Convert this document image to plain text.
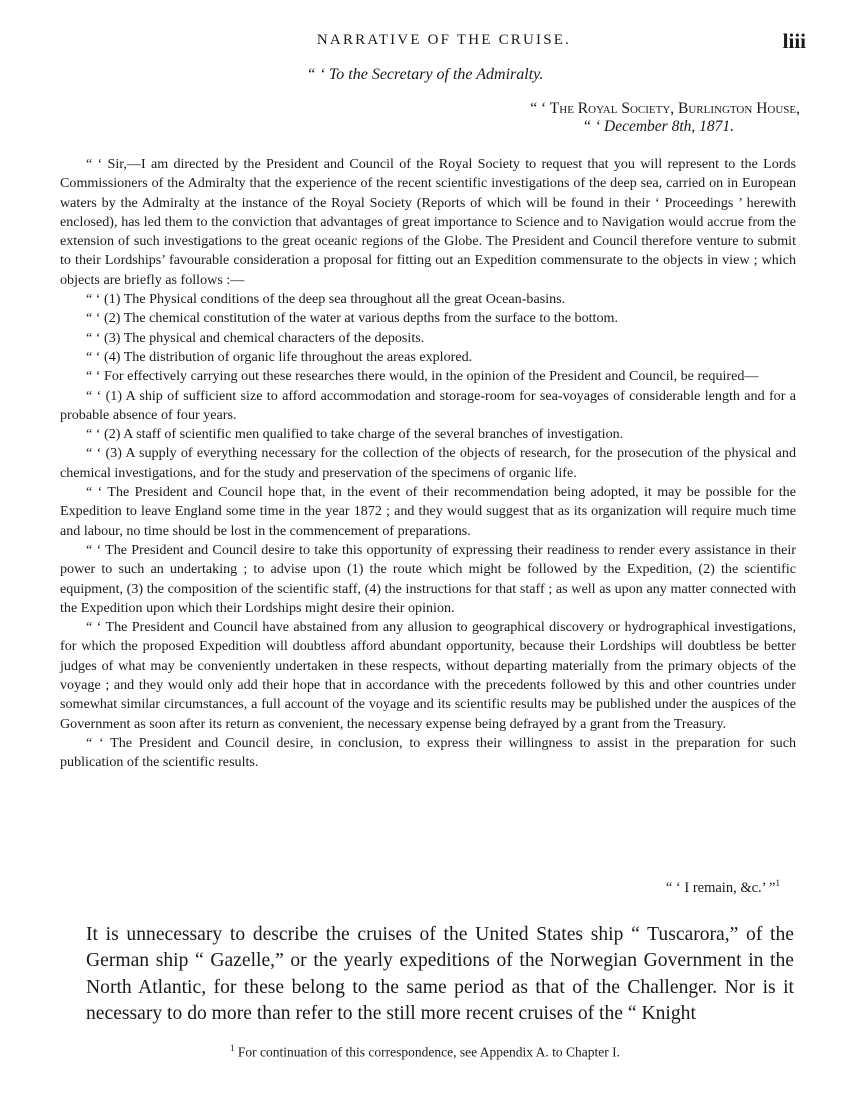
NARRATIVE OF THE CRUISE.	liii
“ ‘ To the Secretary of the Admiralty.
“ ‘ The Royal Society, Burlington House,
“ ‘ December 8th, 1871.

“ ‘ Sir,—I am directed by the President and Council of the Royal Society to request that you will represent to the Lords Commissioners of the Admiralty that the experience of the recent scientific investigations of the deep sea, carried on in European waters by the Admiralty at the instance of the Royal Society (Reports of which will be found in their ‘ Proceedings ’ herewith enclosed), has led them to the conviction that advantages of great importance to Science and to Navigation would accrue from the extension of such investigations to the great oceanic regions of the Globe. The President and Council therefore venture to submit to their Lordships’ favourable consideration a proposal for fitting out an Expedition commensurate to the objects in view ; which objects are briefly as follows :—

“ ‘ (1) The Physical conditions of the deep sea throughout all the great Ocean-basins.

“ ‘ (2) The chemical constitution of the water at various depths from the surface to the bottom.

“ ‘ (3) The physical and chemical characters of the deposits.

“ ‘ (4) The distribution of organic life throughout the areas explored.

“ ‘ For effectively carrying out these researches there would, in the opinion of the President and Council, be required—

“ ‘ (1) A ship of sufficient size to afford accommodation and storage-room for sea-voyages of considerable length and for a probable absence of four years.

“ ‘ (2) A staff of scientific men qualified to take charge of the several branches of investigation.

“ ‘ (3) A supply of everything necessary for the collection of the objects of research, for the prosecution of the physical and chemical investigations, and for the study and preservation of the specimens of organic life.

“ ‘ The President and Council hope that, in the event of their recommendation being adopted, it may be possible for the Expedition to leave England some time in the year 1872 ; and they would suggest that as its organization will require much time and labour, no time should be lost in the commencement of preparations.

“ ‘ The President and Council desire to take this opportunity of expressing their readiness to render every assistance in their power to such an undertaking ; to advise upon (1) the route which might be followed by the Expedition, (2) the scientific equipment, (3) the composition of the scientific staff, (4) the instructions for that staff ; as well as upon any matter connected with the Expedition upon which their Lordships might desire their opinion.

“ ‘ The President and Council have abstained from any allusion to geographical discovery or hydrographical investigations, for which the proposed Expedition will doubtless afford abundant opportunity, because their Lordships will doubtless be better judges of what may be conveniently undertaken in these respects, without departing materially from the primary objects of the voyage ; and they would only add their hope that in accordance with the precedents followed by this and other countries under somewhat similar circumstances, a full account of the voyage and its scientific results may be published under the auspices of the Government as soon after its return as convenient, the necessary expense being defrayed by a grant from the Treasury.

“ ‘ The President and Council desire, in conclusion, to express their willingness to assist in the preparation for such publication of the scientific results.

“ ‘ I remain, &c.’ ”$^1$

It is unnecessary to describe the cruises of the United States ship “ Tuscarora,” of the German ship “ Gazelle,” or the yearly expeditions of the Norwegian Government in the North Atlantic, for these belong to the same period as that of the Challenger. Nor is it necessary to do more than refer to the still more recent cruises of the “ Knight

$^1$ For continuation of this correspondence, see Appendix A. to Chapter I.
